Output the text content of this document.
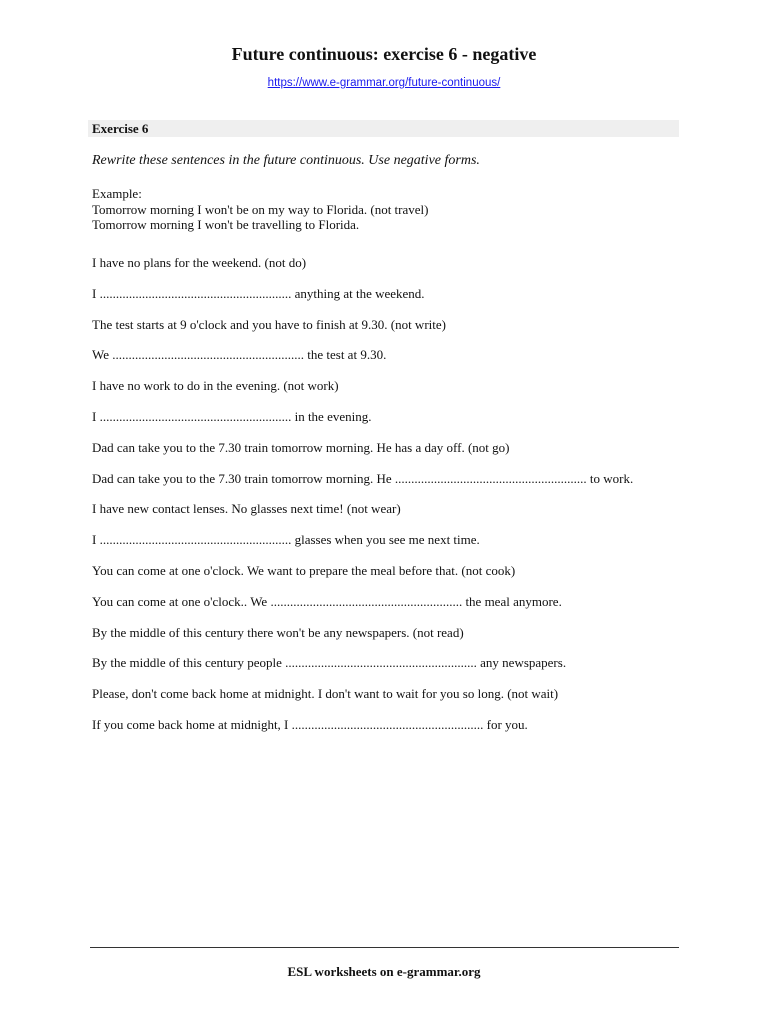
Future continuous: exercise 6 - negative
https://www.e-grammar.org/future-continuous/
Exercise 6
Rewrite these sentences in the future continuous. Use negative forms.
Example:
Tomorrow morning I won't be on my way to Florida. (not travel)
Tomorrow morning I won't be travelling to Florida.
I have no plans for the weekend. (not do)
I ........................................................... anything at the weekend.
The test starts at 9 o'clock and you have to finish at 9.30. (not write)
We ........................................................... the test at 9.30.
I have no work to do in the evening. (not work)
I ........................................................... in the evening.
Dad can take you to the 7.30 train tomorrow morning. He has a day off. (not go)
Dad can take you to the 7.30 train tomorrow morning. He ........................................................... to work.
I have new contact lenses. No glasses next time! (not wear)
I ........................................................... glasses when you see me next time.
You can come at one o'clock. We want to prepare the meal before that. (not cook)
You can come at one o'clock.. We ........................................................... the meal anymore.
By the middle of this century there won't be any newspapers. (not read)
By the middle of this century people ........................................................... any newspapers.
Please, don't come back home at midnight. I don't want to wait for you so long. (not wait)
If you come back home at midnight, I ........................................................... for you.
ESL worksheets on e-grammar.org
